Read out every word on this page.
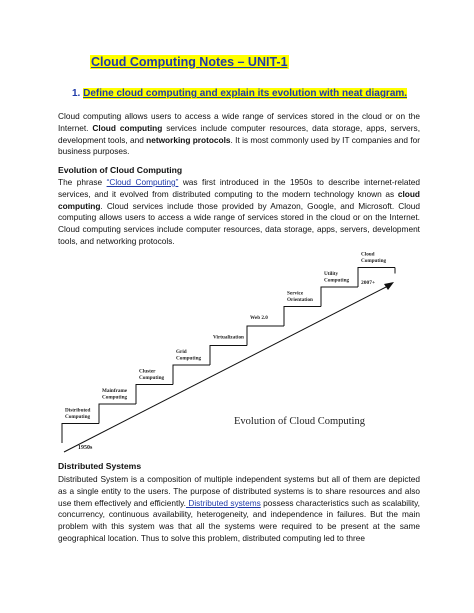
Cloud Computing Notes – UNIT-1
1. Define cloud computing and explain its evolution with neat diagram.
Cloud computing allows users to access a wide range of services stored in the cloud or on the Internet. Cloud computing services include computer resources, data storage, apps, servers, development tools, and networking protocols. It is most commonly used by IT companies and for business purposes.
Evolution of Cloud Computing
The phrase “Cloud Computing” was first introduced in the 1950s to describe internet-related services, and it evolved from distributed computing to the modern technology known as cloud computing. Cloud services include those provided by Amazon, Google, and Microsoft. Cloud computing allows users to access a wide range of services stored in the cloud or on the Internet. Cloud computing services include computer resources, data storage, apps, servers, development tools, and networking protocols.
Distributed
Computing
Mainframe
Computing
Cluster
Computing
Grid
Computing
Virtualization
Web 2.0
Service
Orientation
Utility
Computing
Cloud
Computing
Evolution of Cloud Computing
1950s
2007+
Distributed Systems
Distributed System is a composition of multiple independent systems but all of them are depicted as a single entity to the users. The purpose of distributed systems is to share resources and also use them effectively and efficiently. Distributed systems possess characteristics such as scalability, concurrency, continuous availability, heterogeneity, and independence in failures. But the main problem with this system was that all the systems were required to be present at the same geographical location. Thus to solve this problem, distributed computing led to three
